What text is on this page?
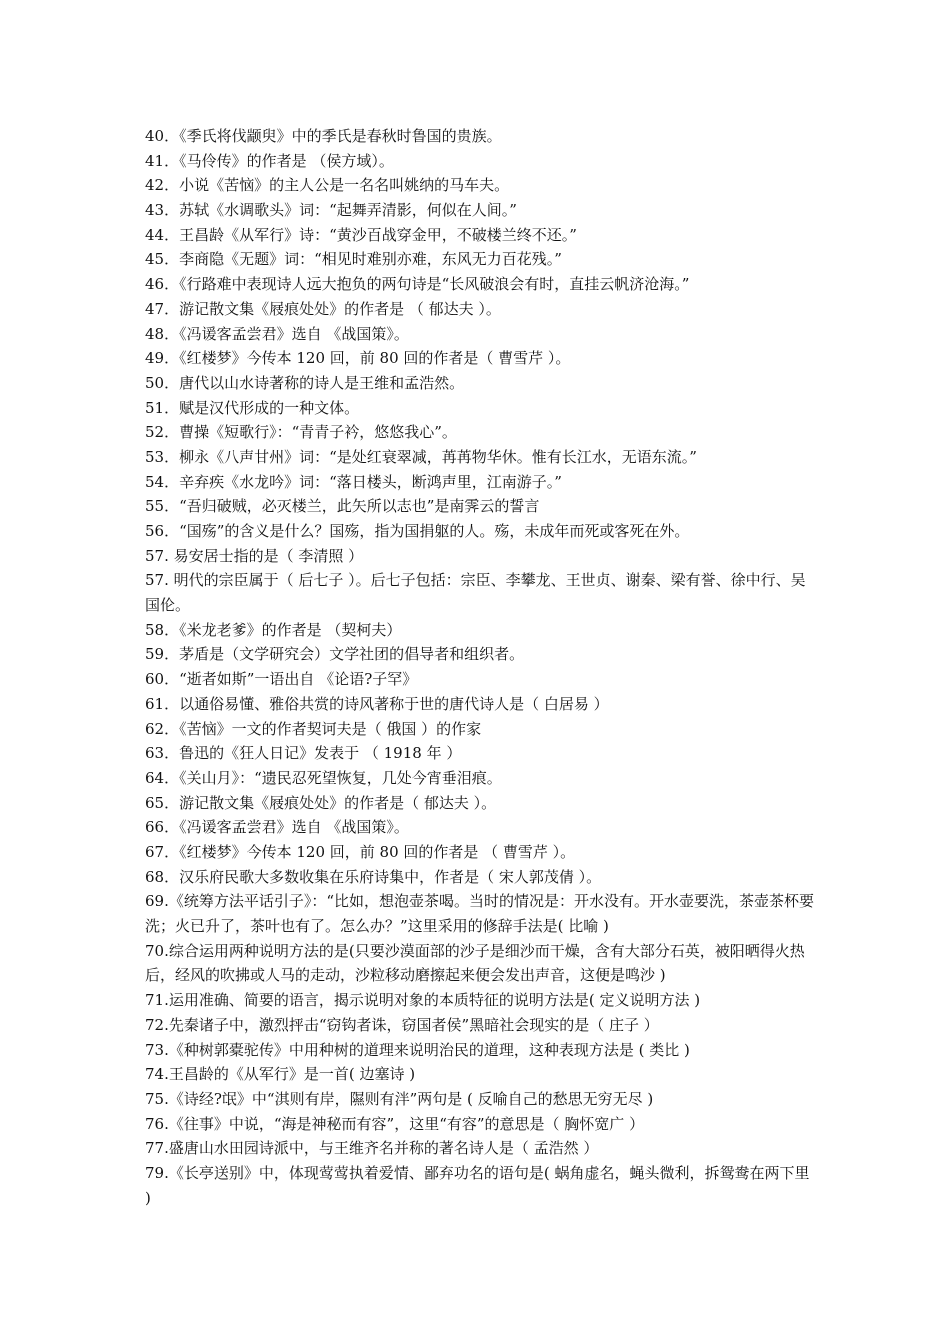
40．《季氏将伐颛臾》中的季氏是春秋时鲁国的贵族。
41．《马伶传》的作者是 （侯方域）。
42．小说《苦恼》的主人公是一名名叫姚纳的马车夫。
43．苏轼《水调歌头》词：“起舞弄清影，何似在人间。”
44．王昌龄《从军行》诗：“黄沙百战穿金甲，不破楼兰终不还。”
45．李商隐《无题》词：“相见时难别亦难，东风无力百花残。”
46．《行路难中表现诗人远大抱负的两句诗是“长风破浪会有时，直挂云帆济沧海。”
47．游记散文集《屐痕处处》的作者是 （ 郁达夫 ）。
48．《冯谖客孟尝君》选自 《战国策》。
49．《红楼梦》今传本 120 回，前 80 回的作者是（ 曹雪芹 ）。
50．唐代以山水诗著称的诗人是王维和孟浩然。
51．赋是汉代形成的一种文体。
52．曹操《短歌行》：“青青子衿，悠悠我心”。
53．柳永《八声甘州》词：“是处红衰翠减，苒苒物华休。惟有长江水，无语东流。”
54．辛弃疾《水龙吟》词：“落日楼头，断鸿声里，江南游子。”
55．“吾归破贼，必灭楼兰，此矢所以志也”是南霁云的誓言
56．“国殇”的含义是什么？国殇，指为国捐躯的人。殇，未成年而死或客死在外。
57. 易安居士指的是（ 李清照 ）
57. 明代的宗臣属于（ 后七子 ）。后七子包括：宗臣、李攀龙、王世贞、谢秦、梁有誉、徐中行、吴国伦。
58．《米龙老爹》的作者是 （契柯夫）
59．茅盾是（文学研究会）文学社团的倡导者和组织者。
60．“逝者如斯”一语出自 《论语?子罕》
61．以通俗易懂、雅俗共赏的诗风著称于世的唐代诗人是（ 白居易 ）
62．《苦恼》一文的作者契诃夫是（ 俄国 ）的作家
63．鲁迅的《狂人日记》发表于 （ 1918 年 ）
64．《关山月》：“遗民忍死望恢复，几处今宵垂泪痕。
65．游记散文集《屐痕处处》的作者是（ 郁达夫 ）。
66．《冯谖客孟尝君》选自 《战国策》。
67．《红楼梦》今传本 120 回，前 80 回的作者是 （ 曹雪芹 ）。
68．汉乐府民歌大多数收集在乐府诗集中，作者是（ 宋人郭茂倩 ）。
69.《统筹方法平话引子》：“比如，想泡壶茶喝。当时的情况是：开水没有。开水壶要洗，茶壶茶杯要洗；火已升了，茶叶也有了。怎么办？”这里采用的修辞手法是( 比喻 )
70.综合运用两种说明方法的是(只要沙漠面部的沙子是细沙而干燥，含有大部分石英，被阳晒得火热后，经风的吹拂或人马的走动，沙粒移动磨擦起来便会发出声音，这便是鸣沙 )
71.运用准确、简要的语言，揭示说明对象的本质特征的说明方法是( 定义说明方法 )
72.先秦诸子中，激烈抨击“窃钩者诛，窃国者侯”黑暗社会现实的是（ 庄子 ）
73.《种树郭橐驼传》中用种树的道理来说明治民的道理，这种表现方法是 ( 类比 )
74.王昌龄的《从军行》是一首( 边塞诗 )
75.《诗经?氓》中“淇则有岸，隰则有泮”两句是 ( 反喻自己的愁思无穷无尽 )
76.《往事》中说，“海是神秘而有容”，这里“有容”的意思是（ 胸怀宽广 ）
77.盛唐山水田园诗派中，与王维齐名并称的著名诗人是（ 孟浩然 ）
79.《长亭送别》中，体现莺莺执着爱情、鄙弃功名的语句是( 蜗角虚名，蝇头微利，拆鸳鸯在两下里 )
